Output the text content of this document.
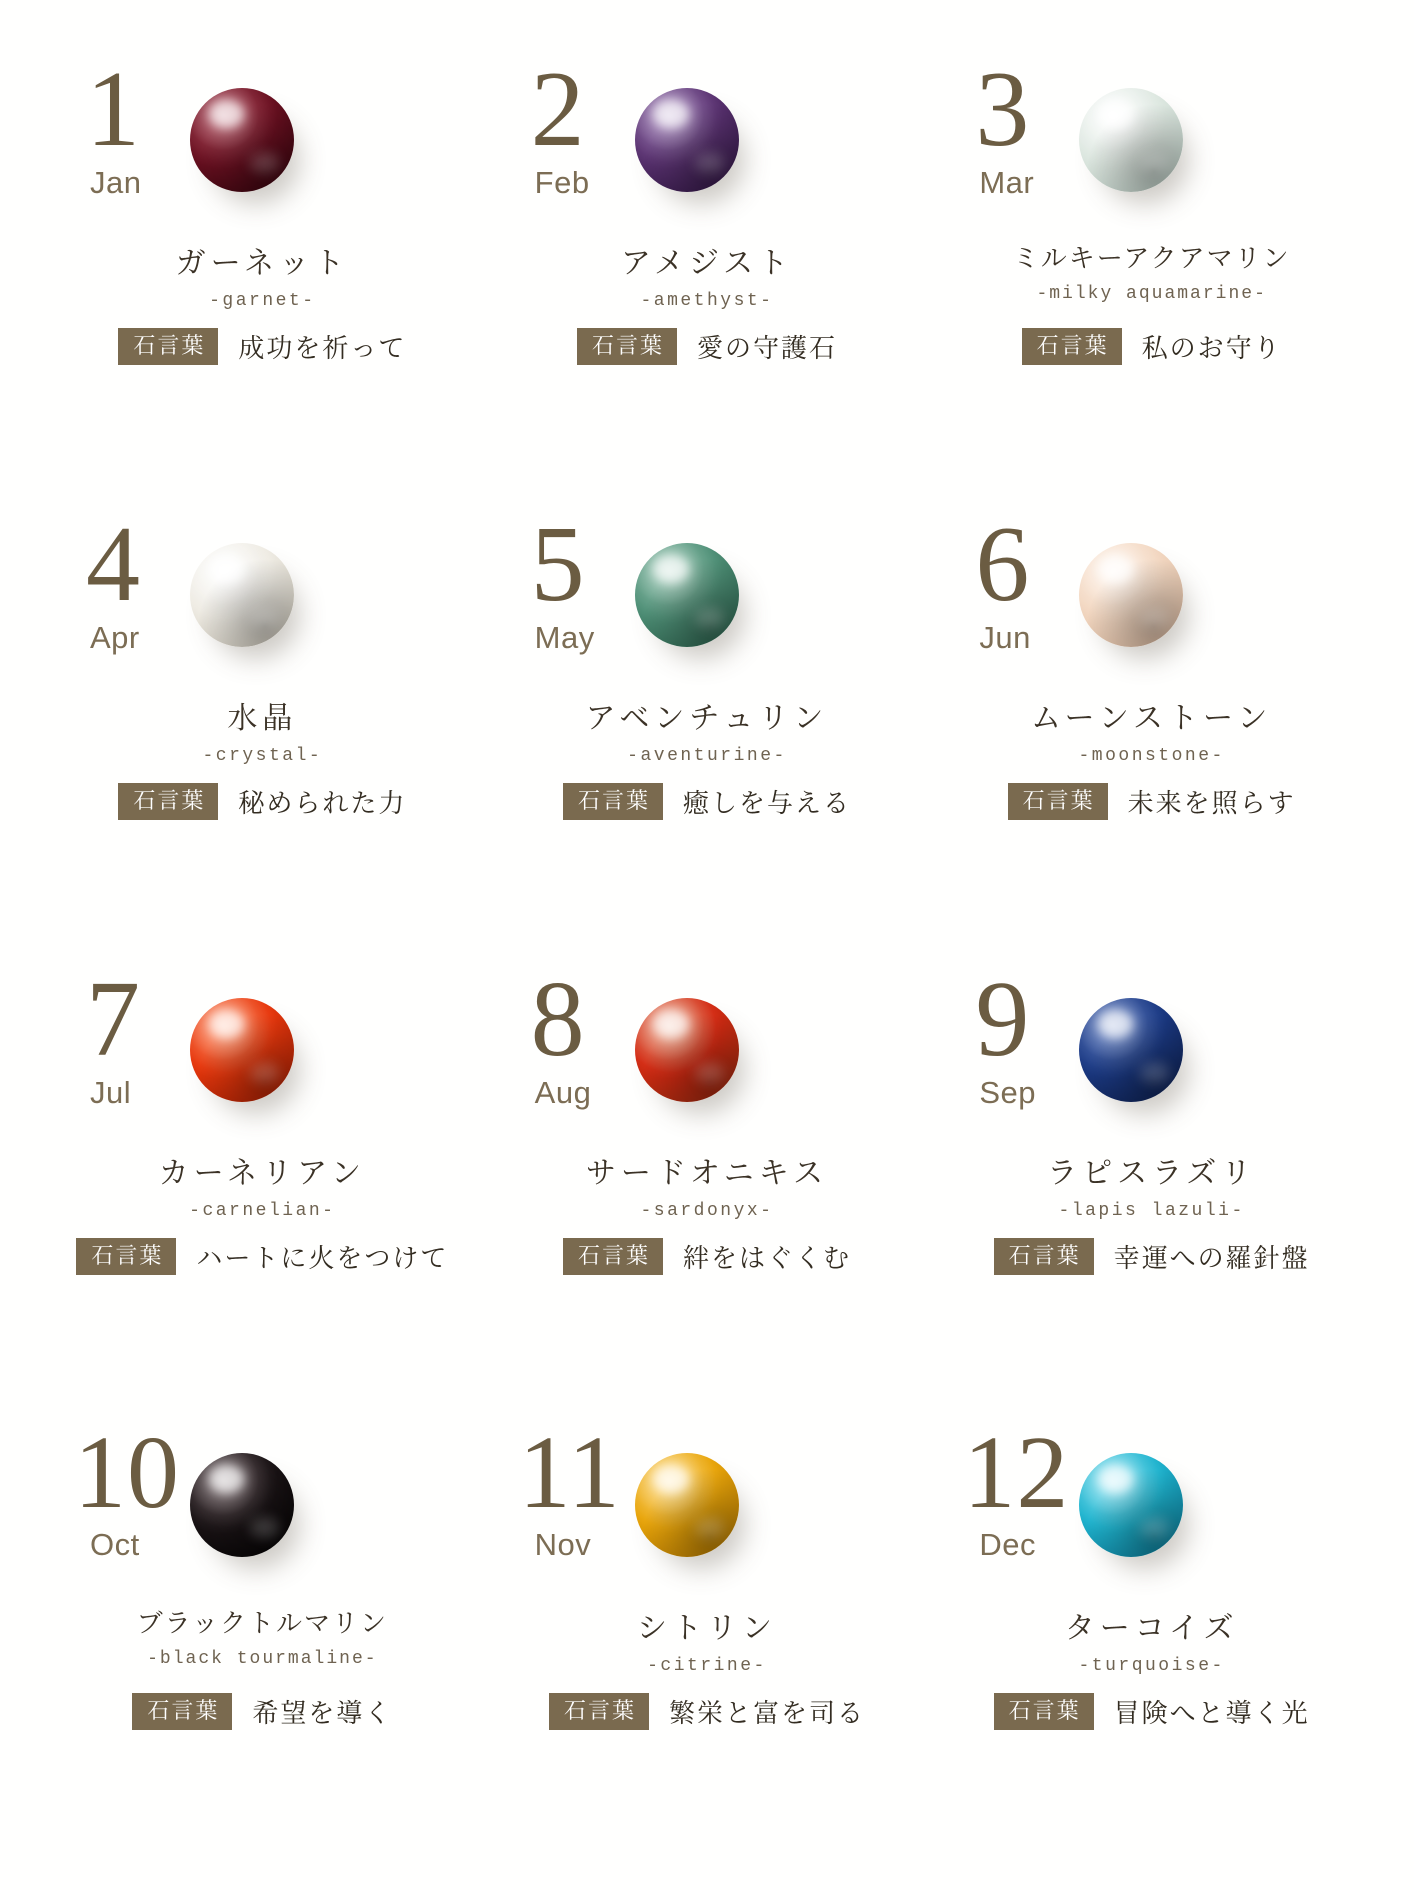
1
Jan
ガーネット
-garnet-
石言葉	成功を祈って
2
Feb
アメジスト
-amethyst-
石言葉	愛の守護石
3
Mar
ミルキーアクアマリン
-milky aquamarine-
石言葉	私のお守り
4
Apr
水晶
-crystal-
石言葉	秘められた力
5
May
アベンチュリン
-aventurine-
石言葉	癒しを与える
6
Jun
ムーンストーン
-moonstone-
石言葉	未来を照らす
7
Jul
カーネリアン
-carnelian-
石言葉	ハートに火をつけて
8
Aug
サードオニキス
-sardonyx-
石言葉	絆をはぐくむ
9
Sep
ラピスラズリ
-lapis lazuli-
石言葉	幸運への羅針盤
10
Oct
ブラックトルマリン
-black tourmaline-
石言葉	希望を導く
11
Nov
シトリン
-citrine-
石言葉	繁栄と富を司る
12
Dec
ターコイズ
-turquoise-
石言葉	冒険へと導く光
